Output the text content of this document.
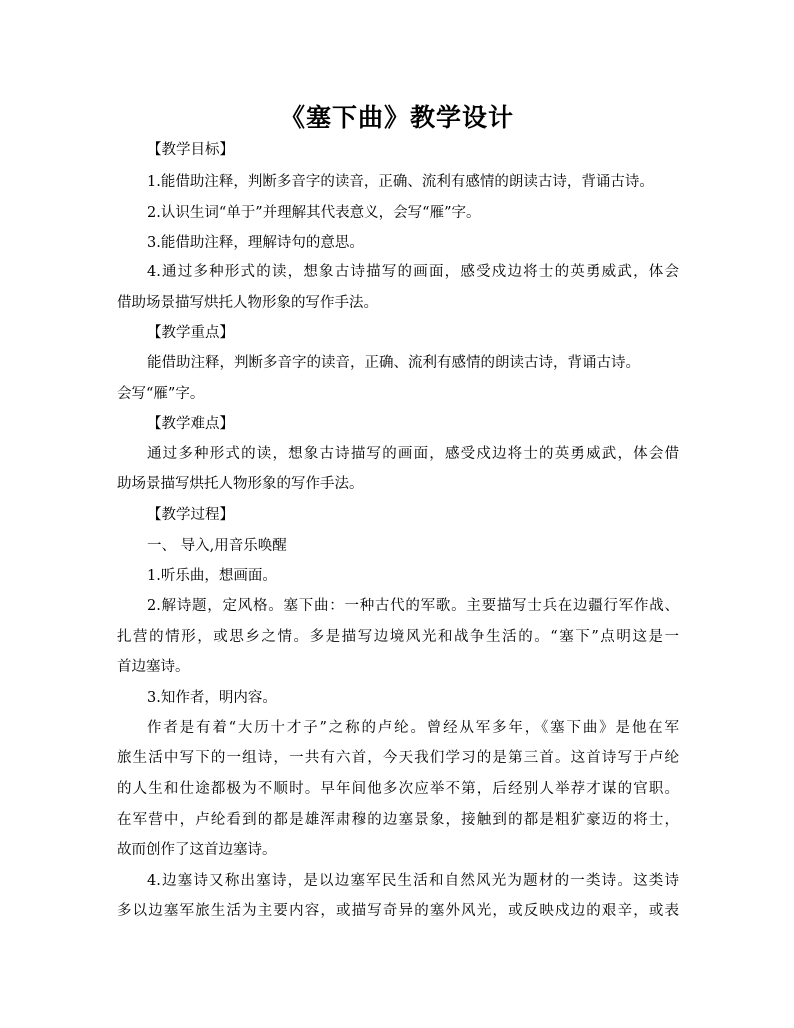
《塞下曲》教学设计
【教学目标】
1.能借助注释，判断多音字的读音，正确、流利有感情的朗读古诗，背诵古诗。
2.认识生词“单于”并理解其代表意义，会写“雁”字。
3.能借助注释，理解诗句的意思。
4.通过多种形式的读，想象古诗描写的画面，感受戍边将士的英勇威武，体会
借助场景描写烘托人物形象的写作手法。
【教学重点】
能借助注释，判断多音字的读音，正确、流利有感情的朗读古诗，背诵古诗。
会写“雁”字。
【教学难点】
通过多种形式的读，想象古诗描写的画面，感受戍边将士的英勇威武，体会借
助场景描写烘托人物形象的写作手法。
【教学过程】
一、 导入,用音乐唤醒
1.听乐曲，想画面。
2.解诗题，定风格。塞下曲：一种古代的军歌。主要描写士兵在边疆行军作战、
扎营的情形，或思乡之情。多是描写边境风光和战争生活的。“塞下”点明这是一
首边塞诗。
3.知作者，明内容。
作者是有着“大历十才子”之称的卢纶。曾经从军多年，《塞下曲》是他在军
旅生活中写下的一组诗，一共有六首，今天我们学习的是第三首。这首诗写于卢纶
的人生和仕途都极为不顺时。早年间他多次应举不第，后经别人举荐才谋的官职。
在军营中，卢纶看到的都是雄浑肃穆的边塞景象，接触到的都是粗犷豪迈的将士，
故而创作了这首边塞诗。
4.边塞诗又称出塞诗，是以边塞军民生活和自然风光为题材的一类诗。这类诗
多以边塞军旅生活为主要内容，或描写奇异的塞外风光，或反映戍边的艰辛，或表
